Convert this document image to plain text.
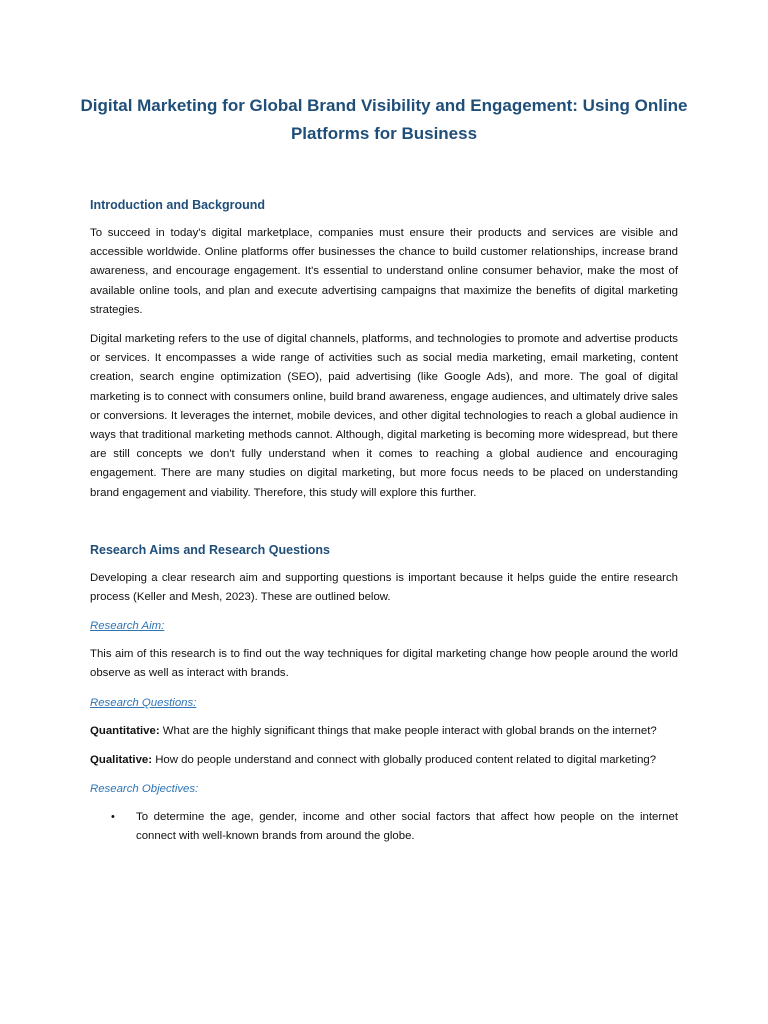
Digital Marketing for Global Brand Visibility and Engagement: Using Online Platforms for Business
Introduction and Background

To succeed in today's digital marketplace, companies must ensure their products and services are visible and accessible worldwide. Online platforms offer businesses the chance to build customer relationships, increase brand awareness, and encourage engagement. It's essential to understand online consumer behavior, make the most of available online tools, and plan and execute advertising campaigns that maximize the benefits of digital marketing strategies.

Digital marketing refers to the use of digital channels, platforms, and technologies to promote and advertise products or services. It encompasses a wide range of activities such as social media marketing, email marketing, content creation, search engine optimization (SEO), paid advertising (like Google Ads), and more. The goal of digital marketing is to connect with consumers online, build brand awareness, engage audiences, and ultimately drive sales or conversions. It leverages the internet, mobile devices, and other digital technologies to reach a global audience in ways that traditional marketing methods cannot. Although, digital marketing is becoming more widespread, but there are still concepts we don't fully understand when it comes to reaching a global audience and encouraging engagement. There are many studies on digital marketing, but more focus needs to be placed on understanding brand engagement and viability. Therefore, this study will explore this further.

Research Aims and Research Questions

Developing a clear research aim and supporting questions is important because it helps guide the entire research process (Keller and Mesh, 2023). These are outlined below.

Research Aim:

This aim of this research is to find out the way techniques for digital marketing change how people around the world observe as well as interact with brands.

Research Questions:

Quantitative: What are the highly significant things that make people interact with global brands on the internet?

Qualitative: How do people understand and connect with globally produced content related to digital marketing?

Research Objectives:

• To determine the age, gender, income and other social factors that affect how people on the internet connect with well-known brands from around the globe.
